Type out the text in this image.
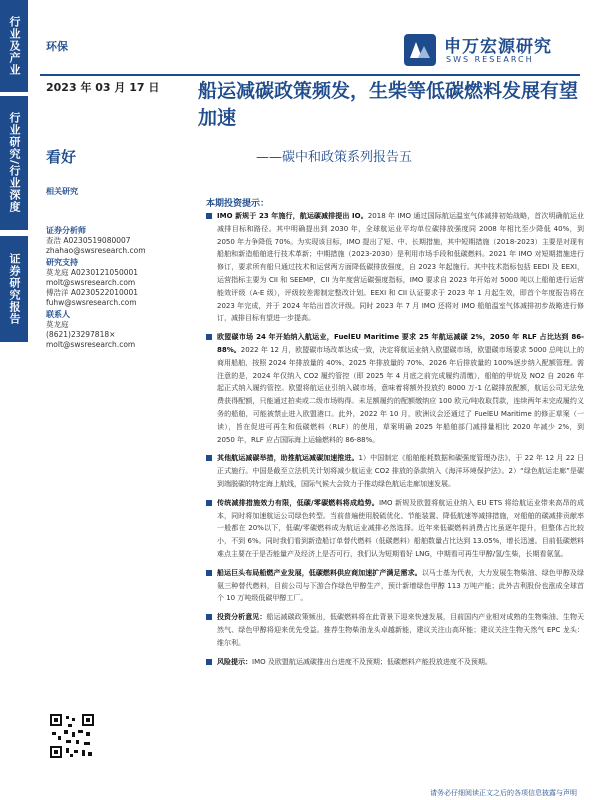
行业及产业
行业研究/行业深度
证券研究报告
环保	申万宏源研究
SWS RESEARCH
2023 年 03 月 17 日
看好
相关研究
船运减碳政策频发，生柴等低碳燃料发展有望加速
——碳中和政策系列报告五
证券分析师
查浩 A0230519080007
zhahao@swsresearch.com
研究支持
莫龙庭 A0230121050001
molt@swsresearch.com
傅浩洋 A0230522010001
fuhw@swsresearch.com
联系人
莫龙庭
(8621)23297818×
molt@swsresearch.com
本期投资提示：
IMO 新规于 23 年施行，航运碳减排提出 IO。2018 年 IMO 通过国际航运温室气体减排初始战略，首次明确航运业减排目标和路径。其中明确提出到 2030 年，全球航运业平均单位碳排放强度同 2008 年相比至少降低 40%，到 2050 年力争降低 70%。为实现该目标，IMO 提出了短、中、长期措施，其中短期措施（2018-2023）主要是对现有船舶和新造船舶进行技术革新；中期措施（2023-2030）是利用市场手段和低碳燃料。2021 年 IMO 对短期措施进行修订，要求所有船只通过技术和运营两方面降低碳排放强度，自 2023 年起施行。其中技术指标包括 EEDI 及 EEXI，运营指标主要为 CII 和 SEEMP，CII 为年度营运碳强度指标，IMO 要求自 2023 年开始对 5000 吨以上船舶进行运营能效评级（A-E 级），评级较差需制定整改计划。EEXI 和 CII 认证要求于 2023 年 1 月起生效，即首个年度报告将在 2023 年完成，并于 2024 年给出首次评级。同时 2023 年 7 月 IMO 还将对 IMO 船舶温室气体减排初步战略进行修订，减排目标有望进一步提高。
欧盟碳市场 24 年开始纳入航运业，FuelEU Maritime 要求 25 年航运减碳 2%，2050 年 RLF 占比达到 86-88%。2022 年 12 月，欧盟碳市场改革达成一致，决定将航运业纳入欧盟碳市场，欧盟碳市场要求 5000 总吨以上的商用船舶，按照 2024 年排放量的 40%、2025 年排放量的 70%、2026 年后排放量的 100%逐步纳入配额管理。需注意的是，2024 年仅纳入 CO2 履约管控（即 2025 年 4 月底之前完成履约清缴），船舶的甲烷及 NO2 自 2026 年起正式纳入履约管控。欧盟将航运业引纳入碳市场，意味着将额外投放约 8000 万-1 亿碳排放配额，航运公司无法免费获得配额，只能通过拍卖或二级市场购得。未足额履约的配额缴纳应 100 欧元/吨收取罚款，连续两年未完成履约义务的船舶，可能被禁止进入欧盟港口。此外，2022 年 10 月，欧洲议会还通过了 FuelEU Maritime 的修正草案（一读），旨在促进可再生和低碳燃料（RLF）的使用，草案明确 2025 年船舶部门减排量相比 2020 年减少 2%，到 2050 年，RLF 应占国际海上运输燃料的 86-88%。
其他航运减碳举措，助推航运减碳加速推进。1）中国制定《船舶能耗数据和碳强度管理办法》，于 22 年 12 月 22 日正式施行。中国是截至立法机关计划将减少航运业 CO2 排放的条款纳入《海洋环境保护法》。2）“绿色航运走廊”是碳到端脱碳的特定海上航线，国际气候大会致力于推动绿色航运走廊加速发展。
传统减排措施效力有限，低碳/零碳燃料将成趋势。IMO 新规及欧盟将航运业纳入 EU ETS 将给航运业带来高昂的成本，同时将加速航运公司绿色转型。当前普遍使用脱硫优化、节能装置、降低航速等减排措施，对船舶的碳减排贡献率一般都在 20%以下，低碳/零碳燃料成为航运业减排必然选择。近年来低碳燃料消费占比虽逐年提升，但整体占比较小，不到 6%。同时我们看到新造船订单替代燃料（低碳燃料）船舶数量占比达到 13.05%，增长迅速。目前低碳燃料难点主要在于是否能量产及经济上是否可行，我们认为短期看好 LNG，中期看可再生甲醇/氢/生柴，长期看氨氢。
船运巨头布局船燃产业发展，低碳燃料供应商加速扩产满足需求。以马士基为代表，大力发展生物柴油、绿色甲醇及绿氨三种替代燃料，目前公司与下游合作绿色甲醇生产，预计新增绿色甲醇 113 万吨产能；此外吉利股份也涨成全球首个 10 万吨级低碳甲醇工厂。
投资分析意见：船运减碳政策频出，低碳燃料将在此背景下迎来快速发展，目前国内产业相对成熟的生物柴油、生物天然气、绿色甲醇将迎来优先受益。推荐生物柴油龙头卓越新能，建议关注山高环能；建议关注生物天然气 EPC 龙头：维尔利。
风险提示：IMO 及欧盟航运减碳推出台进度不及预期；低碳燃料产能投放进度不及预期。
请务必仔细阅读正文之后的各项信息披露与声明
